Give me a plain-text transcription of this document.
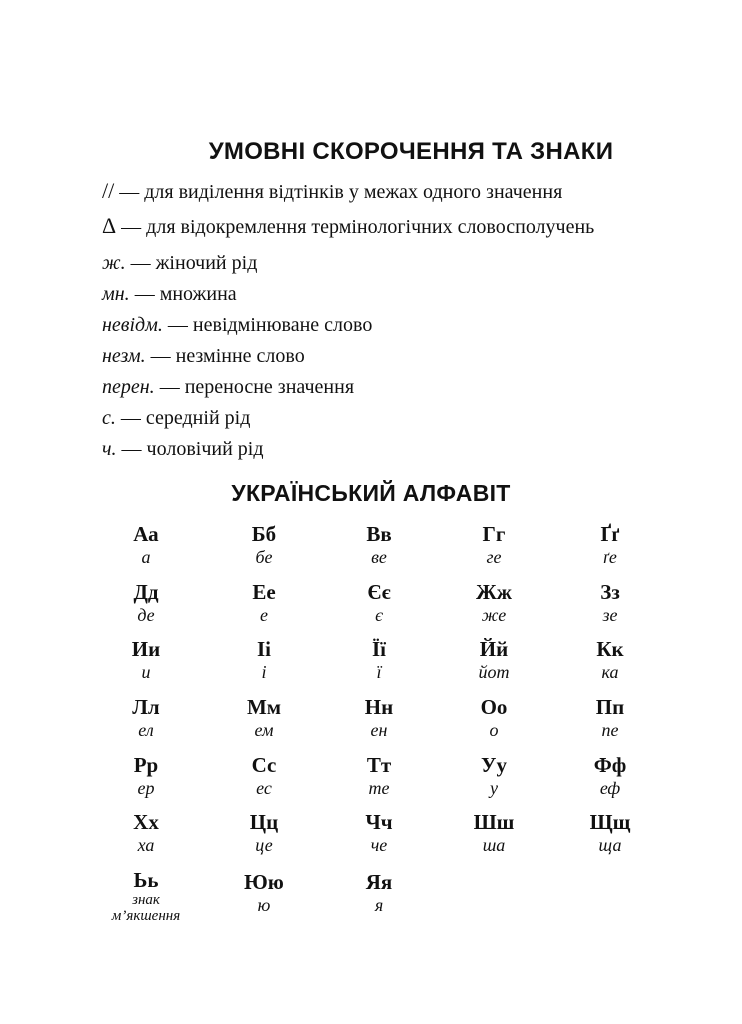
УМОВНІ СКОРОЧЕННЯ ТА ЗНАКИ
// — для виділення відтінків у межах одного значення
Δ — для відокремлення термінологічних словосполучень
ж. — жіночий рід
мн. — множина
невідм. — невідмінюване слово
незм. — незмінне слово
перен. — переносне значення
с. — середній рід
ч. — чоловічий рід
УКРАЇНСЬКИЙ АЛФАВІТ
Аа
а
Бб
бе
Вв
ве
Гг
ге
Ґґ
ґе
Дд
де
Ее
е
Єє
є
Жж
же
Зз
зе
Ии
и
Іі
і
Її
ї
Йй
йот
Кк
ка
Лл
ел
Мм
ем
Нн
ен
Оо
о
Пп
пе
Рр
ер
Сс
ес
Тт
те
Уу
у
Фф
еф
Хх
ха
Цц
це
Чч
че
Шш
ша
Щщ
ща
Ьь
знак м’якшення
Юю
ю
Яя
я
